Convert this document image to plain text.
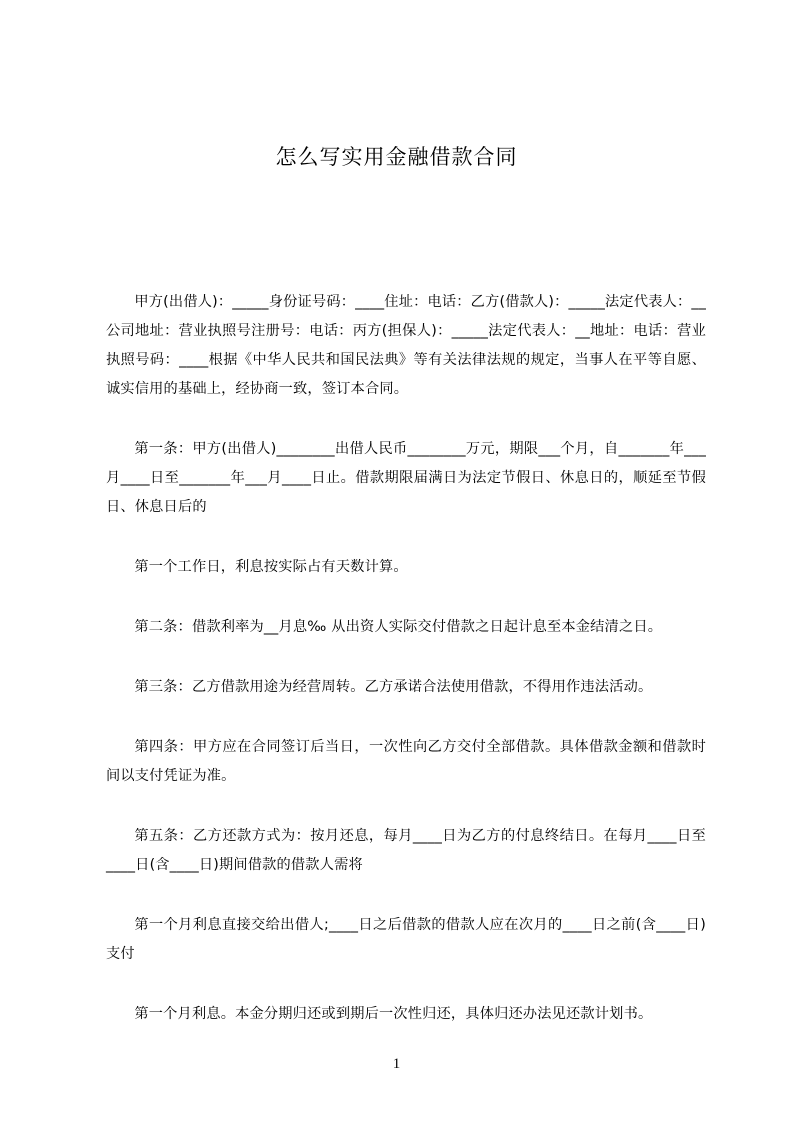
怎么写实用金融借款合同

甲方(出借人)：_____身份证号码：____住址：电话：乙方(借款人)：_____法定代表人：__公司地址：营业执照号注册号：电话：丙方(担保人)：_____法定代表人：__地址：电话：营业执照号码：____根据《中华人民共和国民法典》等有关法律法规的规定，当事人在平等自愿、诚实信用的基础上，经协商一致，签订本合同。

第一条：甲方(出借人)________出借人民币________万元，期限___个月，自_______年___月____日至_______年___月____日止。借款期限届满日为法定节假日、休息日的，顺延至节假日、休息日后的

第一个工作日，利息按实际占有天数计算。

第二条：借款利率为__月息‰ 从出资人实际交付借款之日起计息至本金结清之日。

第三条：乙方借款用途为经营周转。乙方承诺合法使用借款，不得用作违法活动。

第四条：甲方应在合同签订后当日，一次性向乙方交付全部借款。具体借款金额和借款时间以支付凭证为准。

第五条：乙方还款方式为：按月还息，每月____日为乙方的付息终结日。在每月____日至____日(含____日)期间借款的借款人需将

第一个月利息直接交给出借人;____日之后借款的借款人应在次月的____日之前(含____日)支付

第一个月利息。本金分期归还或到期后一次性归还，具体归还办法见还款计划书。

1
